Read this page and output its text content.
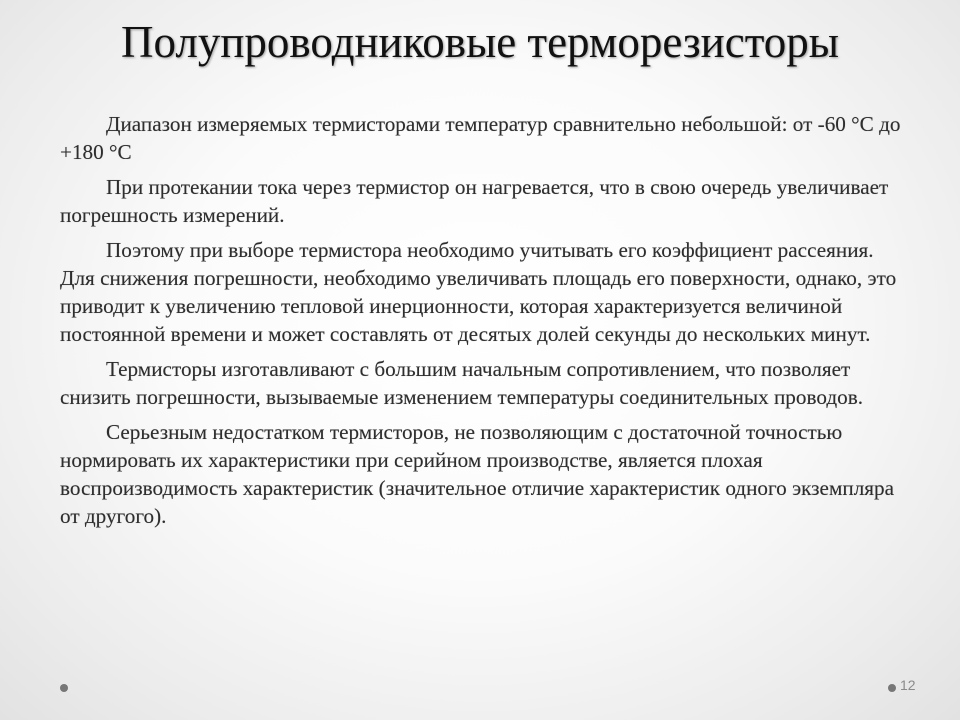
Полупроводниковые терморезисторы

Диапазон измеряемых термисторами температур сравнительно небольшой: от -60 °С до +180 °С

При протекании тока через термистор он нагревается, что в свою очередь увеличивает погрешность измерений.

Поэтому при выборе термистора необходимо учитывать его коэффициент рассеяния. Для снижения погрешности, необходимо увеличивать площадь его поверхности, однако, это приводит к увеличению тепловой инерционности, которая характеризуется величиной постоянной времени и может составлять от десятых долей секунды до нескольких минут.

Термисторы изготавливают с большим начальным сопротивлением, что позволяет снизить погрешности, вызываемые изменением температуры соединительных проводов.

Серьезным недостатком термисторов, не позволяющим с достаточной точностью нормировать их характеристики при серийном производстве, является плохая воспроизводимость характеристик (значительное отличие характеристик одного экземпляра от другого).

12
